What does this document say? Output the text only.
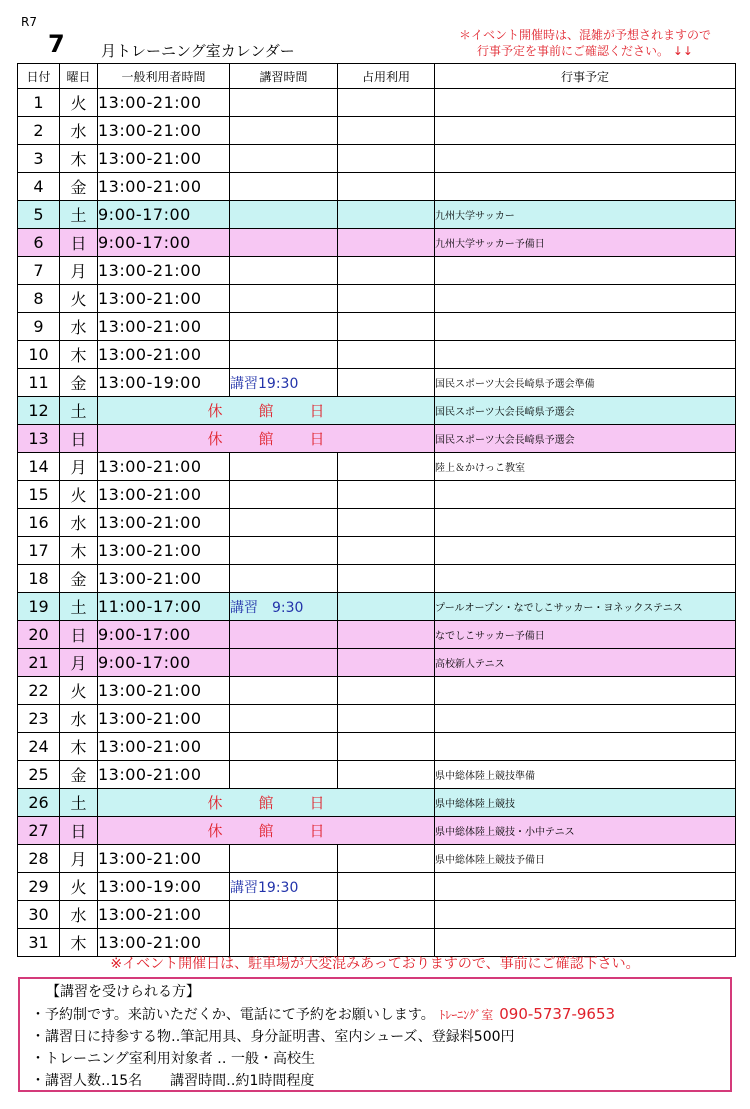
R7
7 月トレーニング室カレンダー
＊イベント開催時は、混雑が予想されますので
行事予定を事前にご確認ください。 ↓↓
日付	曜日	一般利用者時間	講習時間	占用利用	行事予定
1	火	13:00-21:00			
2	水	13:00-21:00			
3	木	13:00-21:00			
4	金	13:00-21:00			
5	土	9:00-17:00			九州大学サッカー
6	日	9:00-17:00			九州大学サッカー予備日
7	月	13:00-21:00			
8	火	13:00-21:00			
9	水	13:00-21:00			
10	木	13:00-21:00			
11	金	13:00-19:00	講習19:30		国民スポーツ大会長崎県予選会準備
12	土	休 館 日			国民スポーツ大会長崎県予選会
13	日	休 館 日			国民スポーツ大会長崎県予選会
14	月	13:00-21:00			陸上＆かけっこ教室
15	火	13:00-21:00			
16	水	13:00-21:00			
17	木	13:00-21:00			
18	金	13:00-21:00			
19	土	11:00-17:00	講習　9:30		プールオープン・なでしこサッカー・ヨネックステニス
20	日	9:00-17:00			なでしこサッカー予備日
21	月	9:00-17:00			高校新人テニス
22	火	13:00-21:00			
23	水	13:00-21:00			
24	木	13:00-21:00			
25	金	13:00-21:00			県中総体陸上競技準備
26	土	休 館 日			県中総体陸上競技
27	日	休 館 日			県中総体陸上競技・小中テニス
28	月	13:00-21:00			県中総体陸上競技予備日
29	火	13:00-19:00	講習19:30		
30	水	13:00-21:00			
31	木	13:00-21:00			
※イベント開催日は、駐車場が大変混みあっておりますので、事前にご確認下さい。
【講習を受けられる方】
・予約制です。来訪いただくか、電話にて予約をお願いします。 ﾄﾚｰﾆﾝｸﾞ室 090-5737-9653
・講習日に持参する物‥筆記用具、身分証明書、室内シューズ、登録料500円
・トレーニング室利用対象者 ‥ 一般・高校生
・講習人数‥15名　　講習時間‥約1時間程度
